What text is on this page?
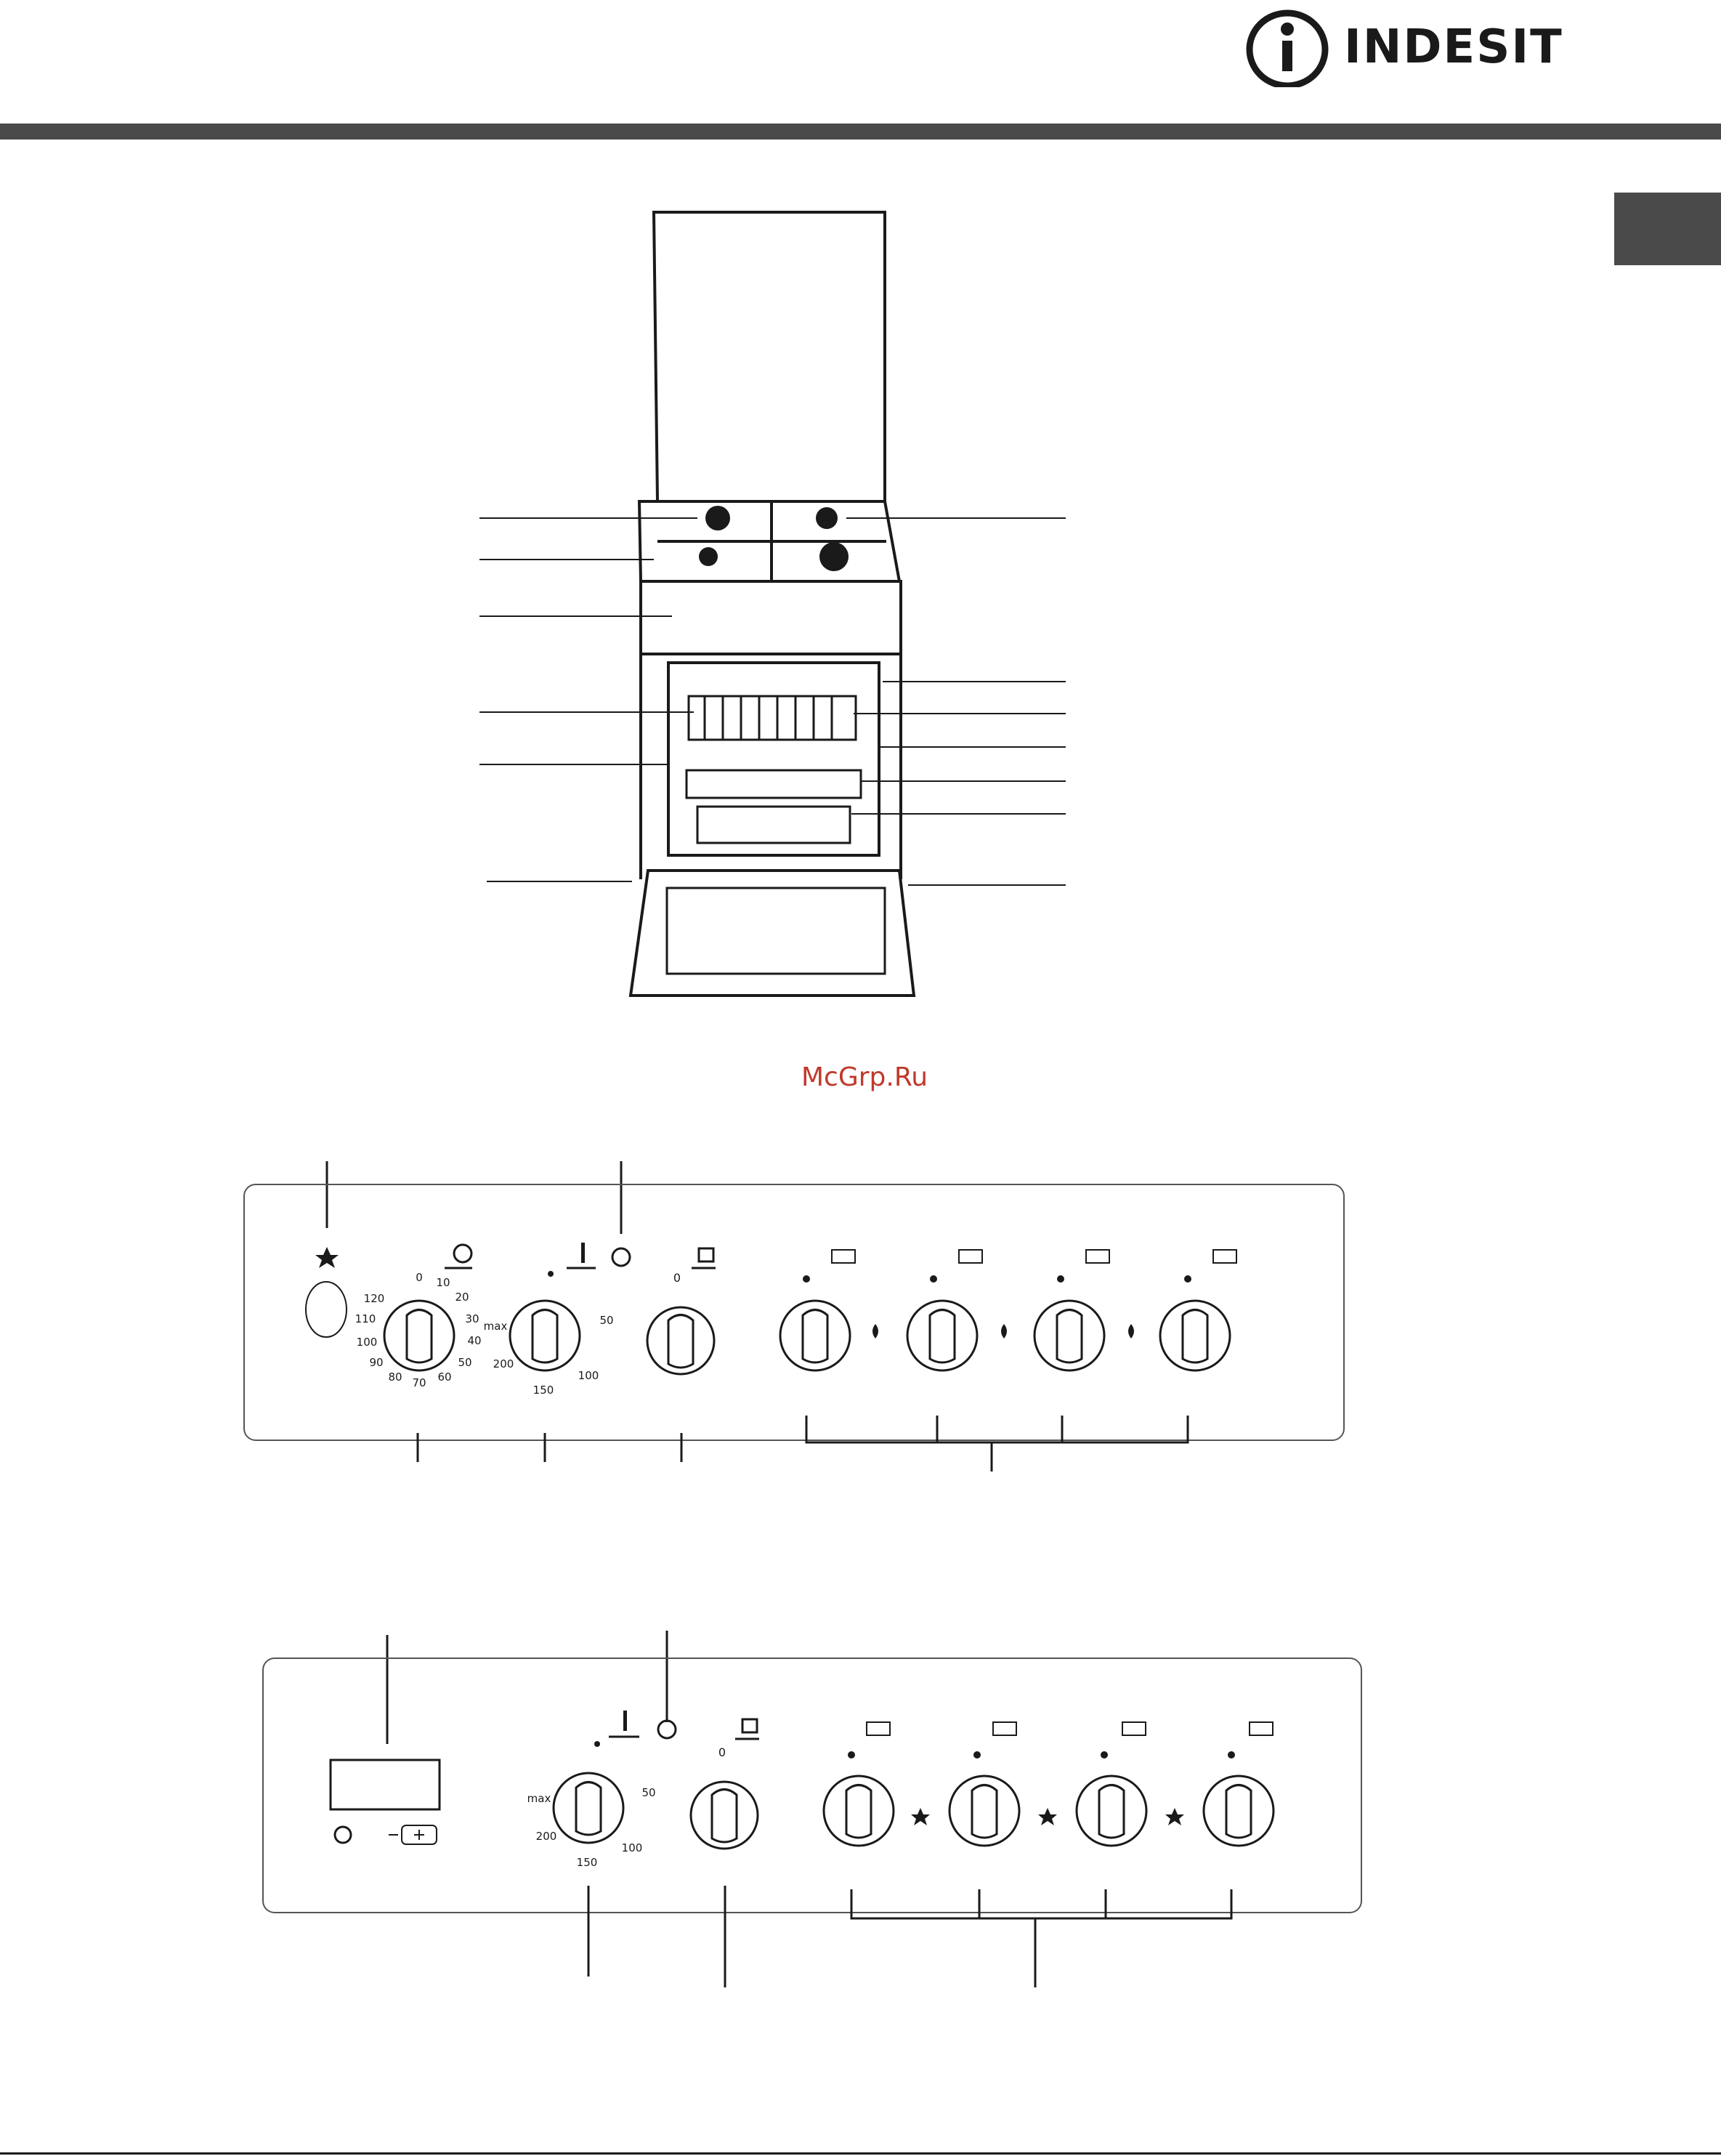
INDESIT
McGrp.Ru
0 10
20
30
40
50
60
70
80
90
100
110
120
50
100
150
200
max
0
50
100
150
200
max
0
